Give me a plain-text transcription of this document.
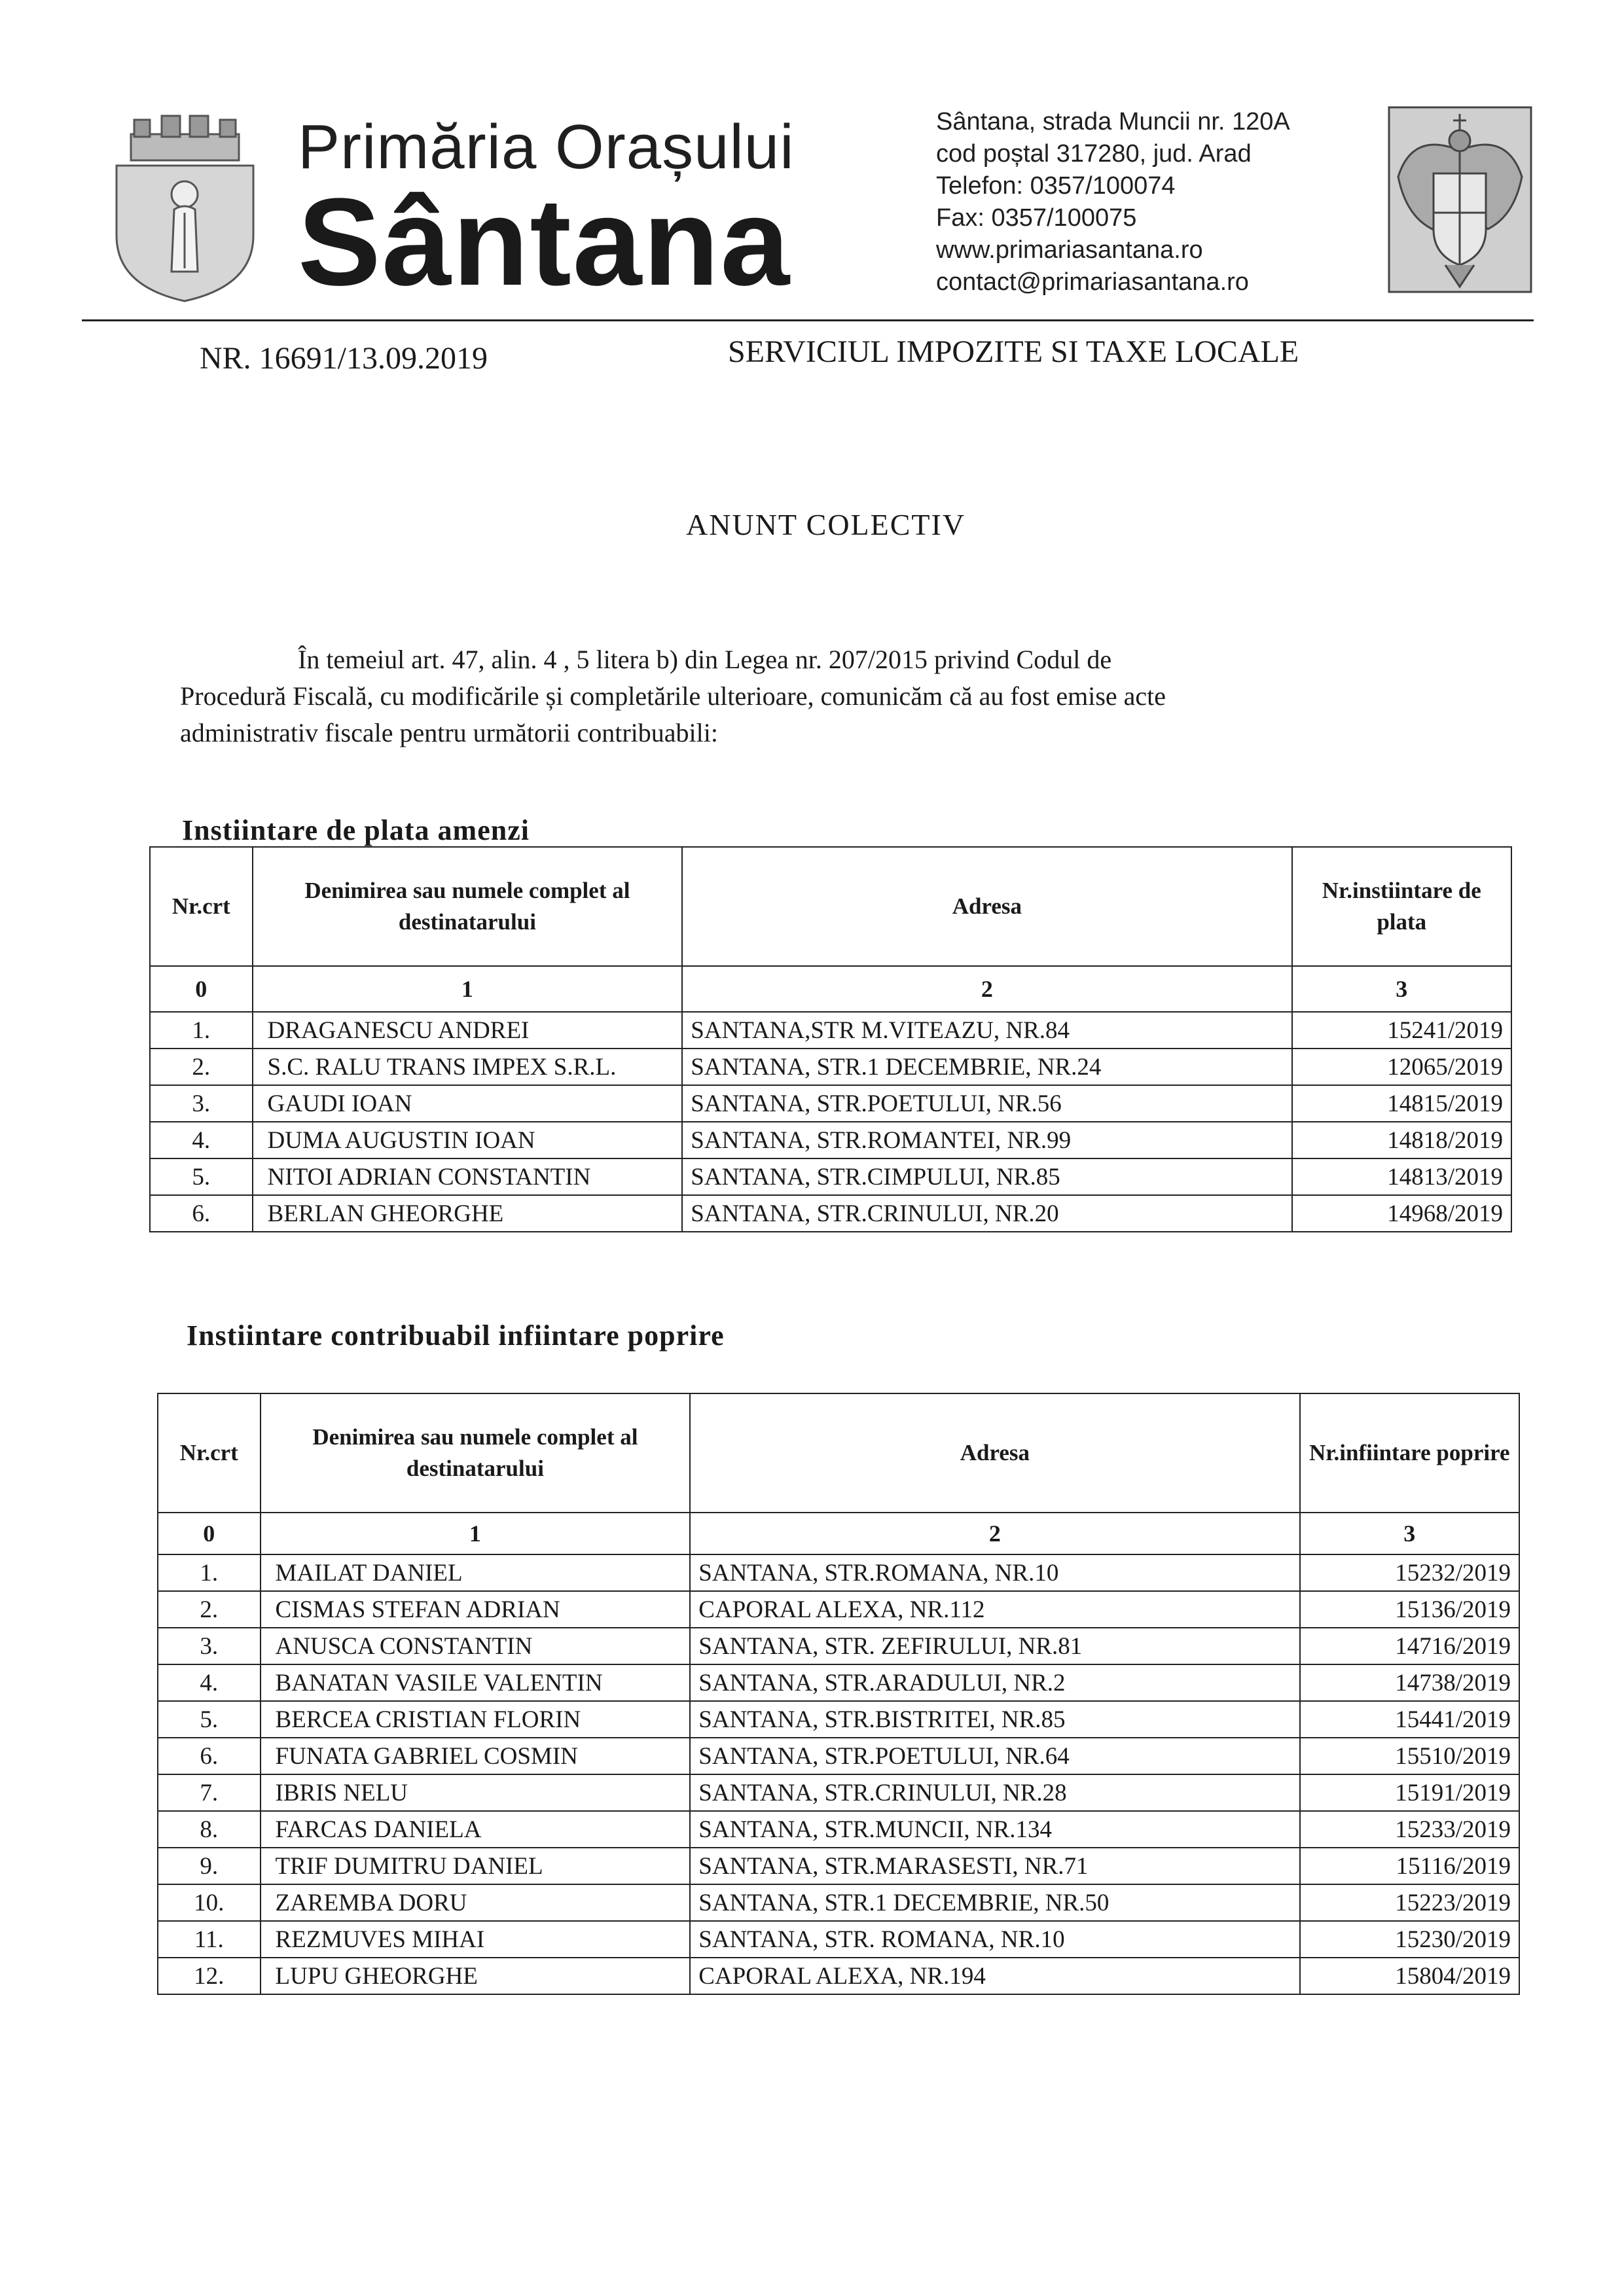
Primăria Orașului
Sântana
Sântana, strada Muncii nr. 120A
cod poștal 317280, jud. Arad
Telefon: 0357/100074
Fax: 0357/100075
www.primariasantana.ro
contact@primariasantana.ro
NR. 16691/13.09.2019	SERVICIUL IMPOZITE SI TAXE LOCALE
ANUNT COLECTIV

În temeiul art. 47, alin. 4 , 5 litera b) din Legea nr. 207/2015 privind Codul de

Procedură Fiscală, cu modificările și completările ulterioare, comunicăm că au fost emise acte

administrativ fiscale pentru următorii contribuabili:

Instiintare de plata amenzi
Nr.crt	Denimirea sau numele complet al destinatarului	Adresa	Nr.instiintare de plata
0	1	2	3
1.	DRAGANESCU ANDREI	SANTANA,STR M.VITEAZU, NR.84	15241/2019
2.	S.C. RALU TRANS IMPEX S.R.L.	SANTANA, STR.1 DECEMBRIE, NR.24	12065/2019
3.	GAUDI IOAN	SANTANA, STR.POETULUI, NR.56	14815/2019
4.	DUMA AUGUSTIN IOAN	SANTANA, STR.ROMANTEI, NR.99	14818/2019
5.	NITOI ADRIAN CONSTANTIN	SANTANA, STR.CIMPULUI, NR.85	14813/2019
6.	BERLAN GHEORGHE	SANTANA, STR.CRINULUI, NR.20	14968/2019
Instiintare contribuabil infiintare poprire
Nr.crt	Denimirea sau numele complet al destinatarului	Adresa	Nr.infiintare poprire
0	1	2	3
1.	MAILAT DANIEL	SANTANA, STR.ROMANA, NR.10	15232/2019
2.	CISMAS STEFAN ADRIAN	CAPORAL ALEXA, NR.112	15136/2019
3.	ANUSCA CONSTANTIN	SANTANA, STR. ZEFIRULUI, NR.81	14716/2019
4.	BANATAN VASILE VALENTIN	SANTANA, STR.ARADULUI, NR.2	14738/2019
5.	BERCEA CRISTIAN FLORIN	SANTANA, STR.BISTRITEI, NR.85	15441/2019
6.	FUNATA GABRIEL COSMIN	SANTANA, STR.POETULUI, NR.64	15510/2019
7.	IBRIS NELU	SANTANA, STR.CRINULUI, NR.28	15191/2019
8.	FARCAS DANIELA	SANTANA, STR.MUNCII, NR.134	15233/2019
9.	TRIF DUMITRU DANIEL	SANTANA, STR.MARASESTI, NR.71	15116/2019
10.	ZAREMBA DORU	SANTANA, STR.1 DECEMBRIE, NR.50	15223/2019
11.	REZMUVES MIHAI	SANTANA, STR. ROMANA, NR.10	15230/2019
12.	LUPU GHEORGHE	CAPORAL ALEXA, NR.194	15804/2019
